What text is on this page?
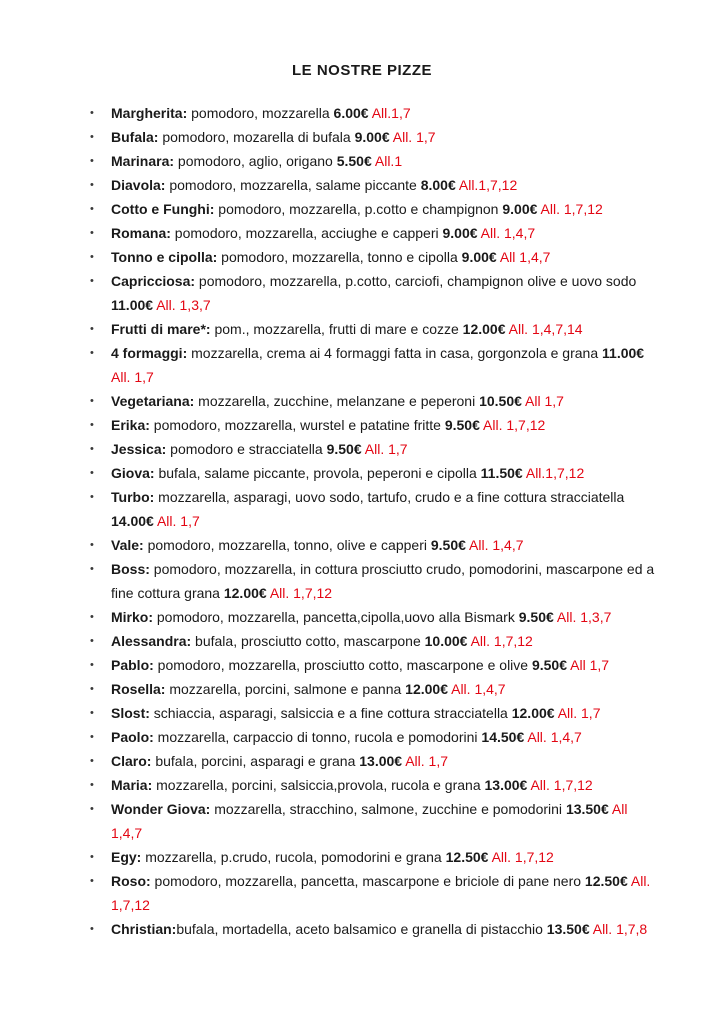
LE NOSTRE PIZZE
•	Margherita: pomodoro, mozzarella 6.00€ All.1,7
•	Bufala: pomodoro, mozarella di bufala 9.00€ All. 1,7
•	Marinara: pomodoro, aglio, origano 5.50€ All.1
•	Diavola: pomodoro, mozzarella, salame piccante 8.00€ All.1,7,12
•	Cotto e Funghi: pomodoro, mozzarella, p.cotto e champignon 9.00€ All. 1,7,12
•	Romana: pomodoro, mozzarella, acciughe e capperi 9.00€ All. 1,4,7
•	Tonno e cipolla: pomodoro, mozzarella, tonno e cipolla 9.00€ All 1,4,7
•	Capricciosa: pomodoro, mozzarella, p.cotto, carciofi, champignon olive e uovo sodo 11.00€ All. 1,3,7
•	Frutti di mare*: pom., mozzarella, frutti di mare e cozze 12.00€ All. 1,4,7,14
•	4 formaggi: mozzarella, crema ai 4 formaggi fatta in casa, gorgonzola e grana 11.00€ All. 1,7
•	Vegetariana: mozzarella, zucchine, melanzane e peperoni 10.50€ All 1,7
•	Erika: pomodoro, mozzarella, wurstel e patatine fritte 9.50€ All. 1,7,12
•	Jessica: pomodoro e stracciatella 9.50€ All. 1,7
•	Giova: bufala, salame piccante, provola, peperoni e cipolla 11.50€ All.1,7,12
•	Turbo: mozzarella, asparagi, uovo sodo, tartufo, crudo e a fine cottura stracciatella 14.00€ All. 1,7
•	Vale: pomodoro, mozzarella, tonno, olive e capperi 9.50€ All. 1,4,7
•	Boss: pomodoro, mozzarella, in cottura prosciutto crudo, pomodorini, mascarpone ed a fine cottura grana 12.00€ All. 1,7,12
•	Mirko: pomodoro, mozzarella, pancetta,cipolla,uovo alla Bismark 9.50€ All. 1,3,7
•	Alessandra: bufala, prosciutto cotto, mascarpone 10.00€ All. 1,7,12
•	Pablo: pomodoro, mozzarella, prosciutto cotto, mascarpone e olive 9.50€ All 1,7
•	Rosella: mozzarella, porcini, salmone e panna 12.00€ All. 1,4,7
•	Slost: schiaccia, asparagi, salsiccia e a fine cottura stracciatella 12.00€ All. 1,7
•	Paolo: mozzarella, carpaccio di tonno, rucola e pomodorini 14.50€ All. 1,4,7
•	Claro: bufala, porcini, asparagi e grana 13.00€ All. 1,7
•	Maria: mozzarella, porcini, salsiccia,provola, rucola e grana 13.00€ All. 1,7,12
•	Wonder Giova: mozzarella, stracchino, salmone, zucchine e pomodorini 13.50€ All 1,4,7
•	Egy: mozzarella, p.crudo, rucola, pomodorini e grana 12.50€ All. 1,7,12
•	Roso: pomodoro, mozzarella, pancetta, mascarpone e briciole di pane nero 12.50€ All. 1,7,12
•	Christian:bufala, mortadella, aceto balsamico e granella di pistacchio 13.50€ All. 1,7,8
